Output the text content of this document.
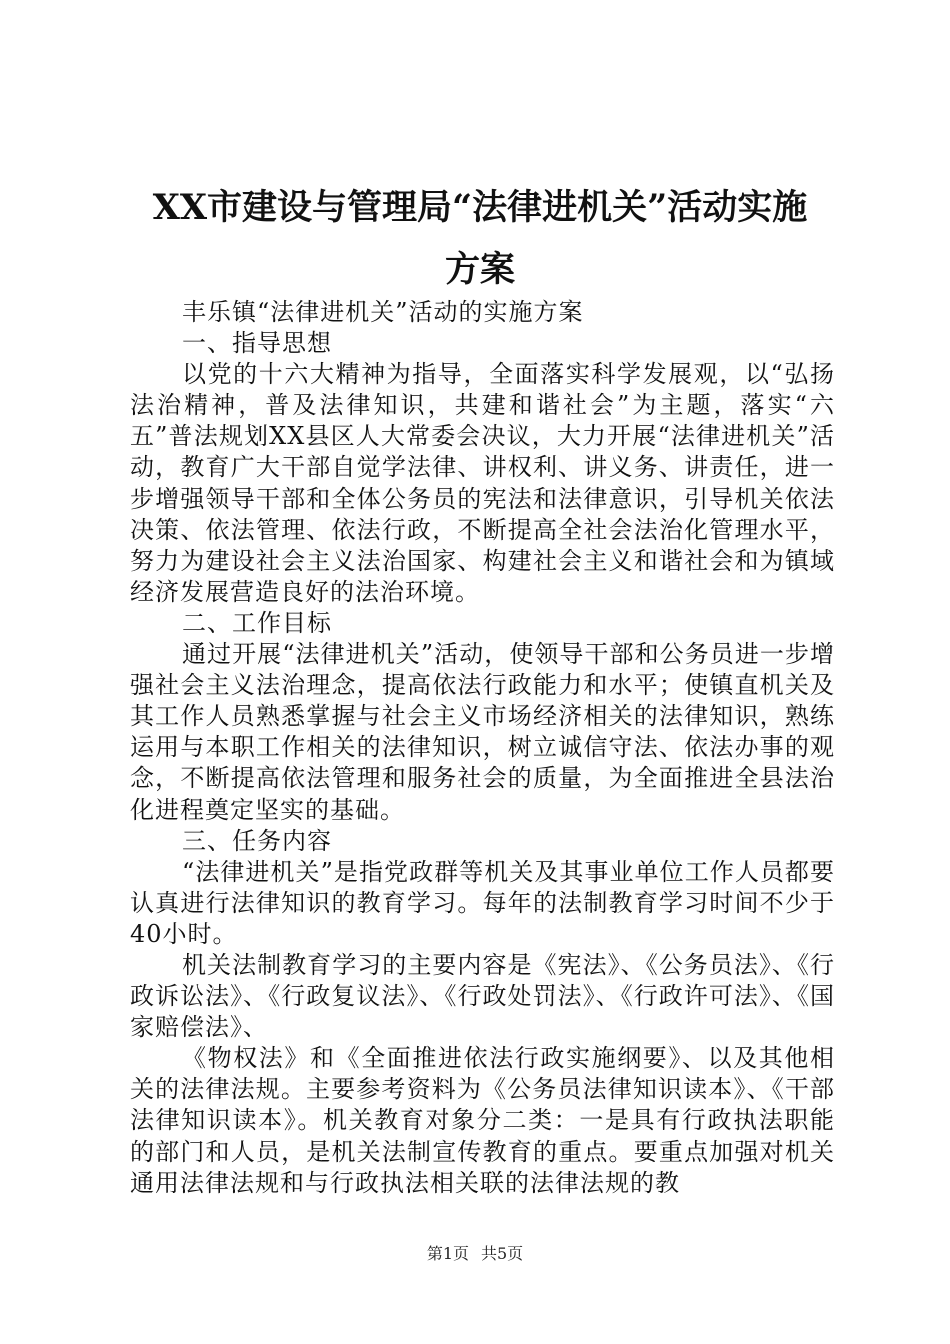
XX市建设与管理局“法律进机关”活动实施
方案

丰乐镇“法律进机关”活动的实施方案

一、指导思想

以党的十六大精神为指导，全面落实科学发展观，以“弘扬法治精神，普及法律知识，共建和谐社会”为主题，落实“六五”普法规划XX县区人大常委会决议，大力开展“法律进机关”活动，教育广大干部自觉学法律、讲权利、讲义务、讲责任，进一步增强领导干部和全体公务员的宪法和法律意识，引导机关依法决策、依法管理、依法行政，不断提高全社会法治化管理水平，努力为建设社会主义法治国家、构建社会主义和谐社会和为镇域经济发展营造良好的法治环境。

二、工作目标

通过开展“法律进机关”活动，使领导干部和公务员进一步增强社会主义法治理念，提高依法行政能力和水平；使镇直机关及其工作人员熟悉掌握与社会主义市场经济相关的法律知识，熟练运用与本职工作相关的法律知识，树立诚信守法、依法办事的观念，不断提高依法管理和服务社会的质量，为全面推进全县法治化进程奠定坚实的基础。

三、任务内容

“法律进机关”是指党政群等机关及其事业单位工作人员都要认真进行法律知识的教育学习。每年的法制教育学习时间不少于40小时。

机关法制教育学习的主要内容是《宪法》、《公务员法》、《行政诉讼法》、《行政复议法》、《行政处罚法》、《行政许可法》、《国家赔偿法》、

《物权法》和《全面推进依法行政实施纲要》、以及其他相关的法律法规。主要参考资料为《公务员法律知识读本》、《干部法律知识读本》。机关教育对象分二类：一是具有行政执法职能的部门和人员，是机关法制宣传教育的重点。要重点加强对机关通用法律法规和与行政执法相关联的法律法规的教

第1页 共5页
